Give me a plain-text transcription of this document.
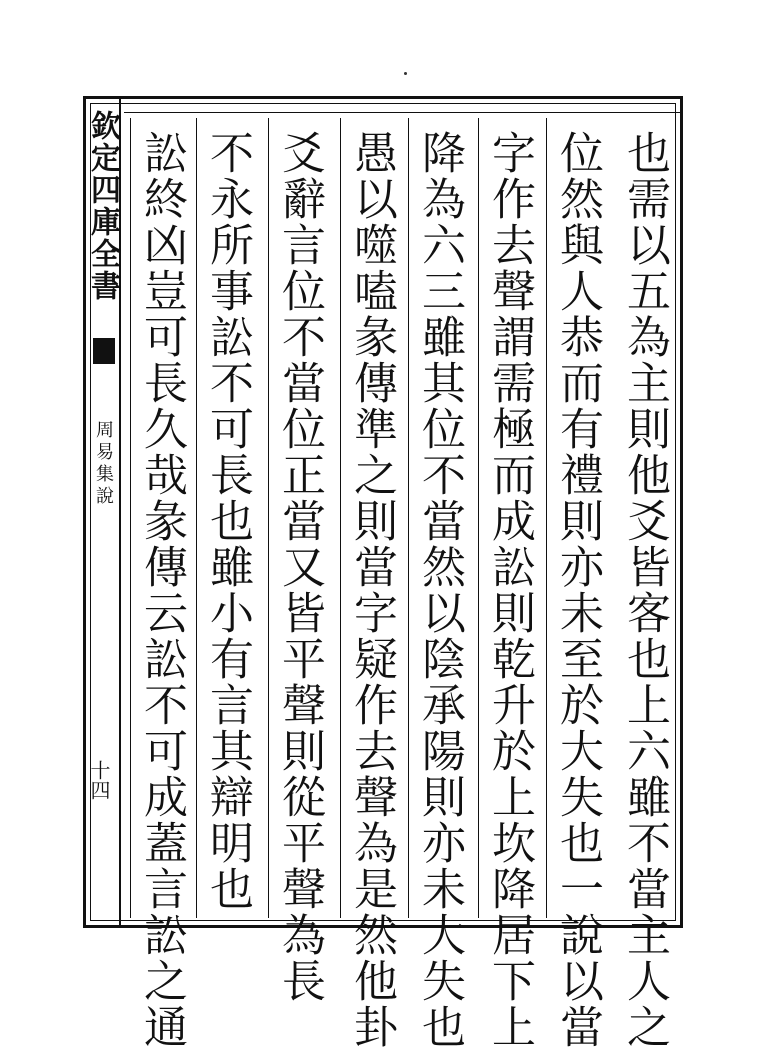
欽定四庫全書
周易集說
十四	也需以五為主則他爻皆客也上六雖不當主人之
位然與人恭而有禮則亦未至於大失也一說以當
字作去聲謂需極而成訟則乾升於上坎降居下上
降為六三雖其位不當然以陰承陽則亦未大失也
愚以噬嗑彖傳準之則當字疑作去聲為是然他卦
爻辭言位不當位正當又皆平聲則從平聲為長
不永所事訟不可長也雖小有言其辯明也
訟終凶豈可長久哉彖傳云訟不可成蓋言訟之通
